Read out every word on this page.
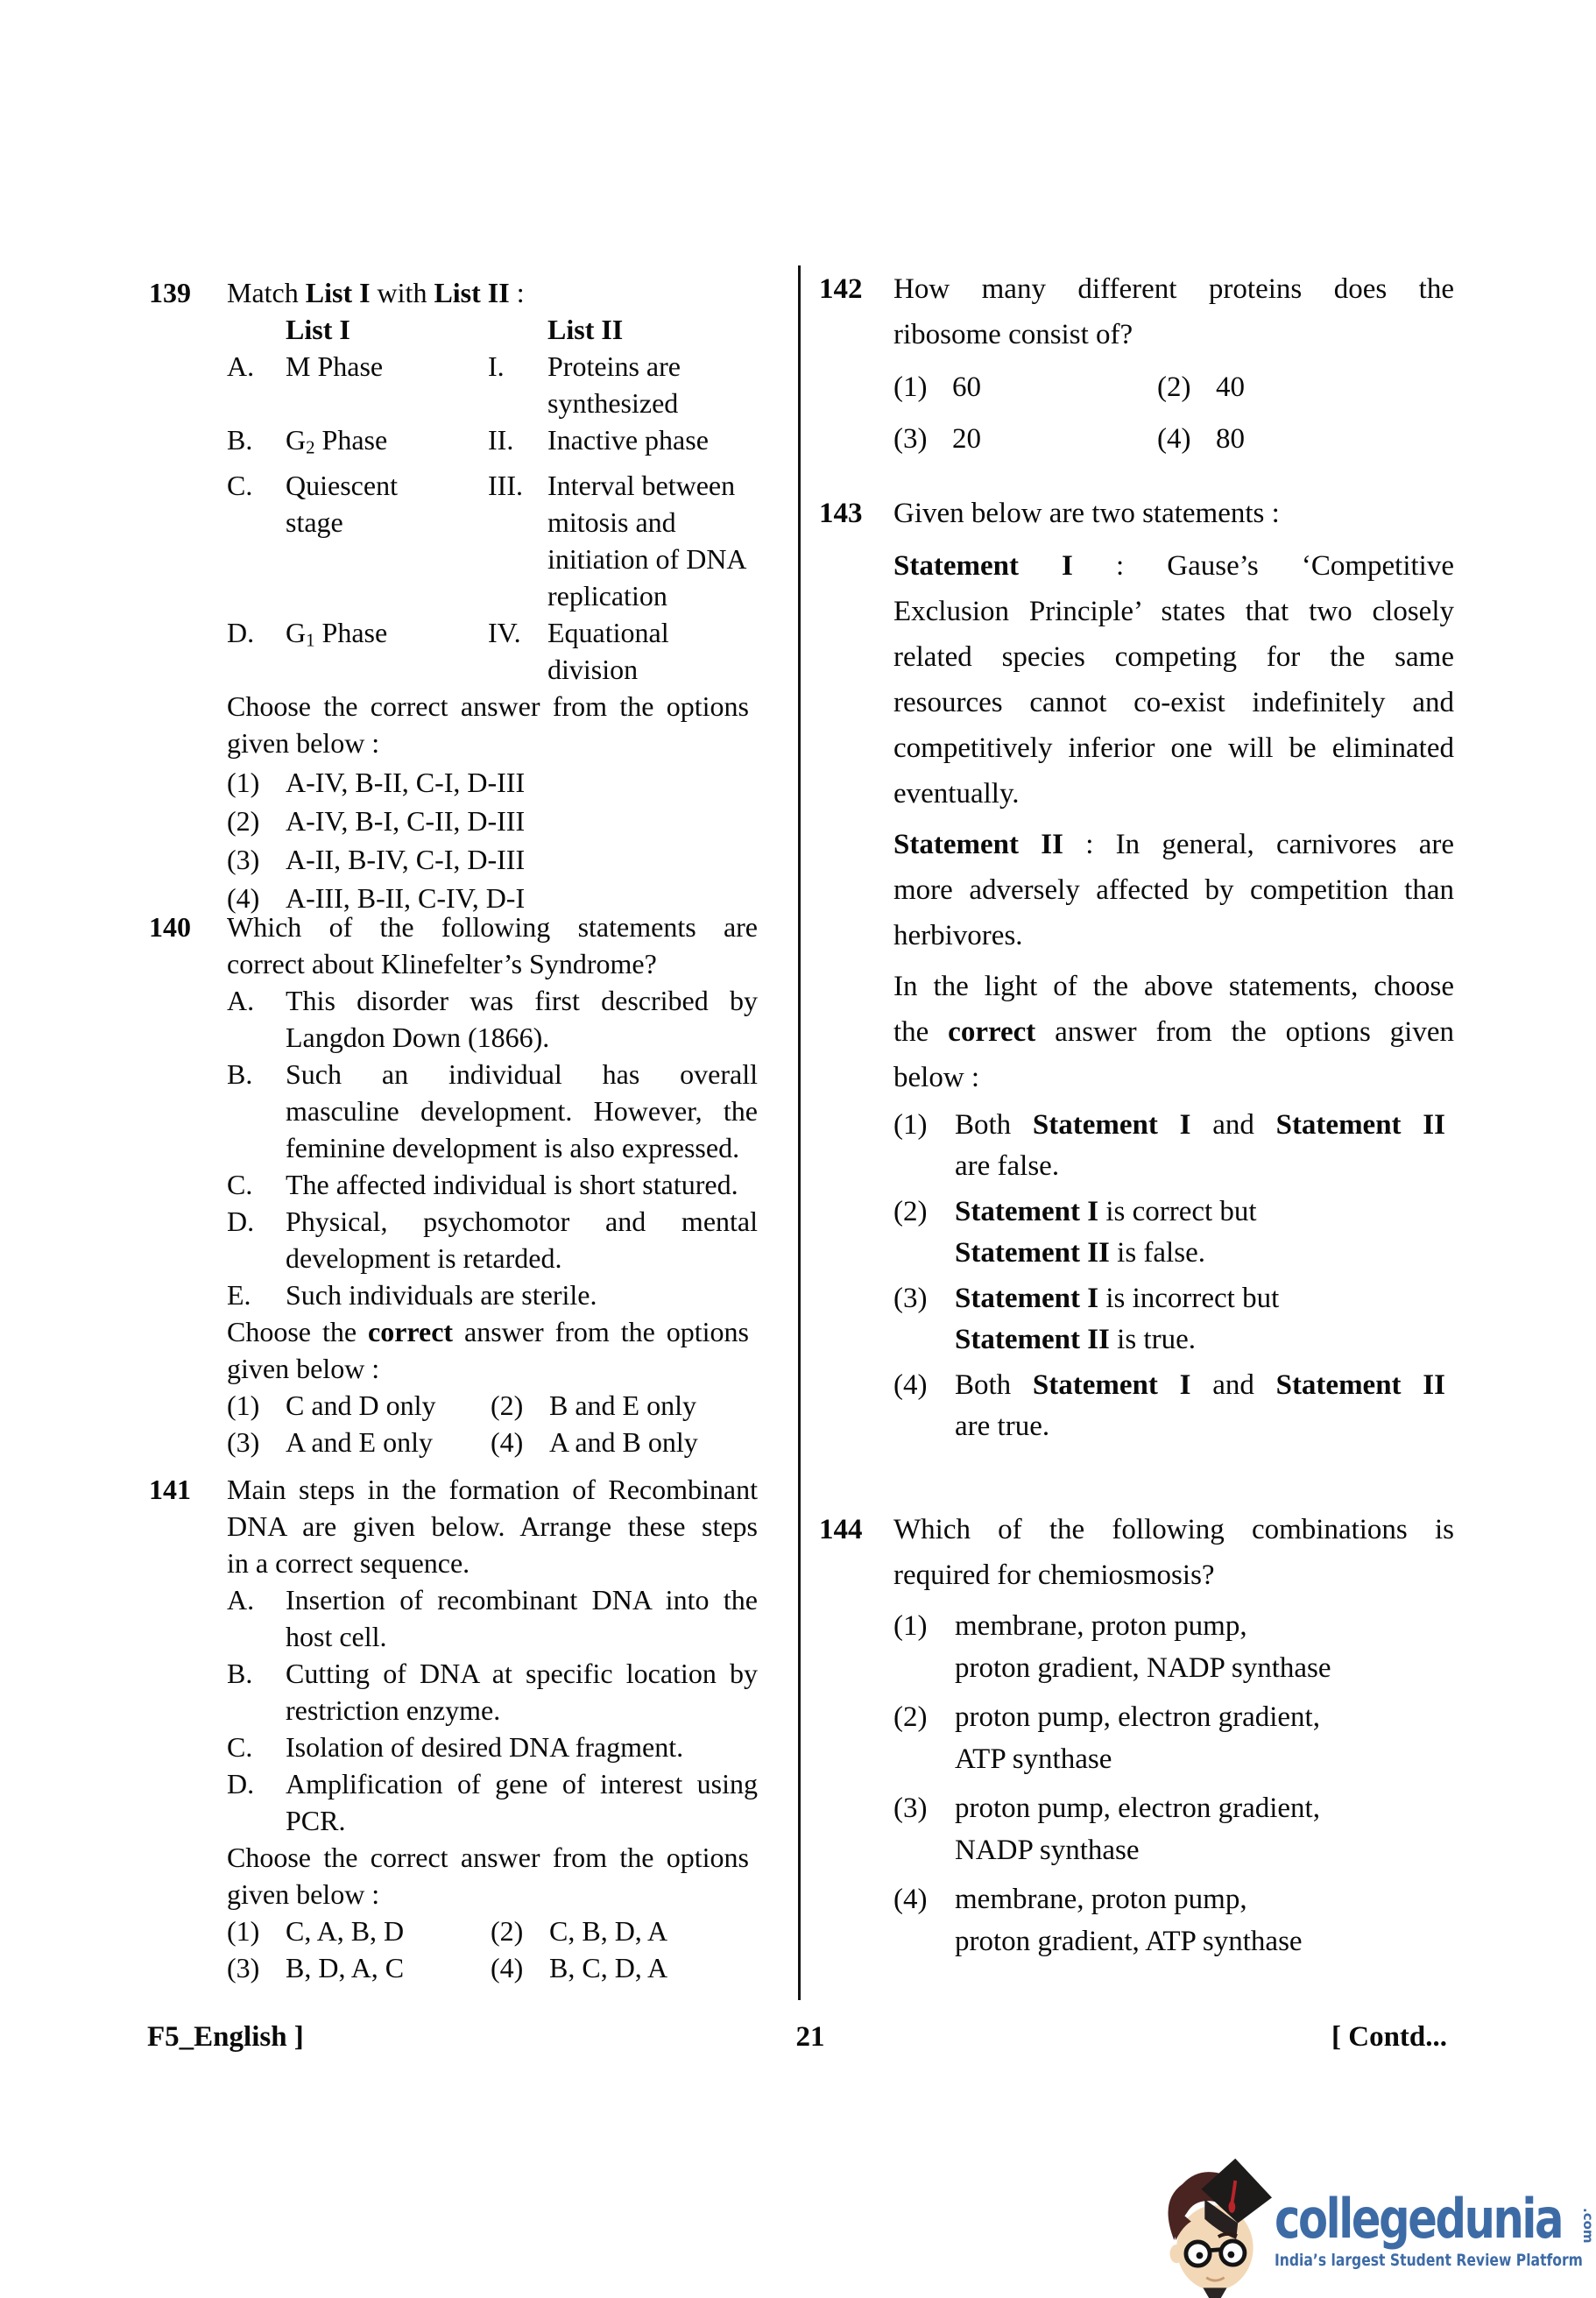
139	Match List I with List II :
List I	List II
A.	M Phase	I.	Proteins are
synthesized
B.	$G_2$ Phase	II.	Inactive phase
C.	Quiescent
stage
III. Interval between
mitosis and
initiation of DNA
replication
D.	$G_1$ Phase	IV. Equational
division
Choose the correct answer from the options
given below :
(1) A-IV, B-II, C-I, D-III
(2) A-IV, B-I, C-II, D-III
(3) A-II, B-IV, C-I, D-III
(4) A-III, B-II, C-IV, D-I
140	Which of the following statements are
correct about Klinefelter’s Syndrome?
A.	This disorder was first described by
Langdon Down (1866).
B.	Such an individual has overall
masculine development. However, the
feminine development is also expressed.
C.	The affected individual is short statured.
D.	Physical, psychomotor and mental
development is retarded.
E.	Such individuals are sterile.
Choose the correct answer from the options
given below :
(1) C and D only	(2) B and E only
(3) A and E only	(4) A and B only
141	Main steps in the formation of Recombinant
DNA are given below. Arrange these steps
in a correct sequence.
A.	Insertion of recombinant DNA into the
host cell.
B.	Cutting of DNA at specific location by
restriction enzyme.
C.	Isolation of desired DNA fragment.
D.	Amplification of gene of interest using
PCR.
Choose the correct answer from the options
given below :
(1) C, A, B, D	(2) C, B, D, A
(3) B, D, A, C	(4) B, C, D, A
142	How many different proteins does the
ribosome consist of?
(1) 60	(2) 40
(3) 20	(4) 80
143	Given below are two statements :
Statement I : Gause’s ‘Competitive
Exclusion Principle’ states that two closely
related species competing for the same
resources cannot co-exist indefinitely and
competitively inferior one will be eliminated
eventually.
Statement II : In general, carnivores are
more adversely affected by competition than
herbivores.
In the light of the above statements, choose
the correct answer from the options given
below :
(1) Both Statement I and Statement II
are false.
(2) Statement I is correct but
Statement II is false.
(3) Statement I is incorrect but
Statement II is true.
(4) Both Statement I and Statement II
are true.
144	Which of the following combinations is
required for chemiosmosis?
(1) membrane, proton pump,
proton gradient, NADP synthase
(2) proton pump, electron gradient,
ATP synthase
(3) proton pump, electron gradient,
NADP synthase
(4) membrane, proton pump,
proton gradient, ATP synthase
F5_English ]	21	[ Contd...
collegedunia .com
India’s largest Student Review Platform
